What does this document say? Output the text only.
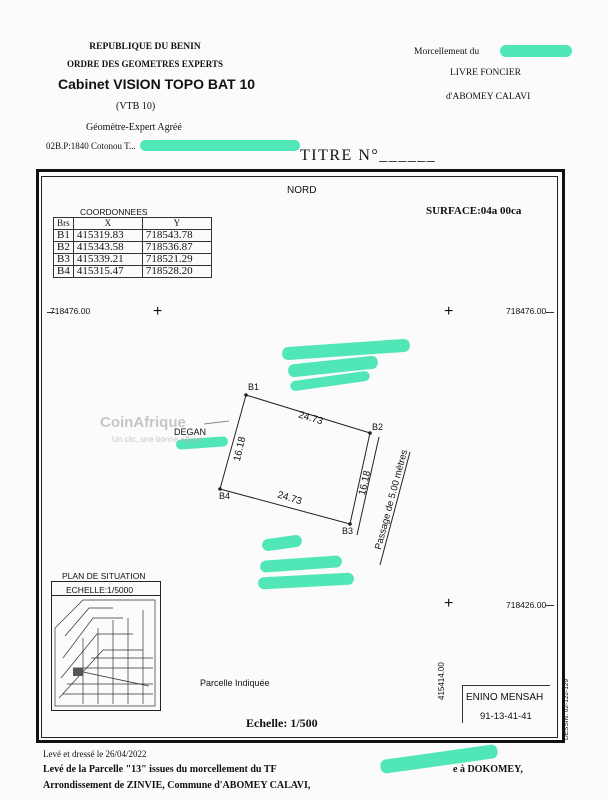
REPUBLIQUE DU BENIN
ORDRE DES GEOMETRES EXPERTS
Cabinet VISION TOPO BAT 10
(VTB 10)
Géomètre-Expert Agréé
02B.P:1840 Cotonou T...
Morcellement du
LIVRE FONCIER
d'ABOMEY CALAVI
TITRE N°______
NORD
SURFACE:04a 00ca
COORDONNEES
Brs	X	Y
B1	415319.83	718543.78
B2	415343.58	718536.87
B3	415339.21	718521.29
B4	415315.47	718528.20
718476.00	718476.00
718426.00
415414.00
+	+
+
B1
B2
B3
B4
24.73
24.73
16.18
16.18 Passage de 5.00 mètres
DEGAN
CoinAfrique
Un clic, une bonne affaire
PLAN DE SITUATION
ECHELLE:1/5000
Parcelle Indiquée
ENINO MENSAH
91-13-41-41
Echelle: 1/500	DESSIN: 02-122-129
Levé et dressé le 26/04/2022
Levé de la Parcelle "13" issues du morcellement du TF	e à DOKOMEY,
Arrondissement de ZINVIE, Commune d'ABOMEY CALAVI,
